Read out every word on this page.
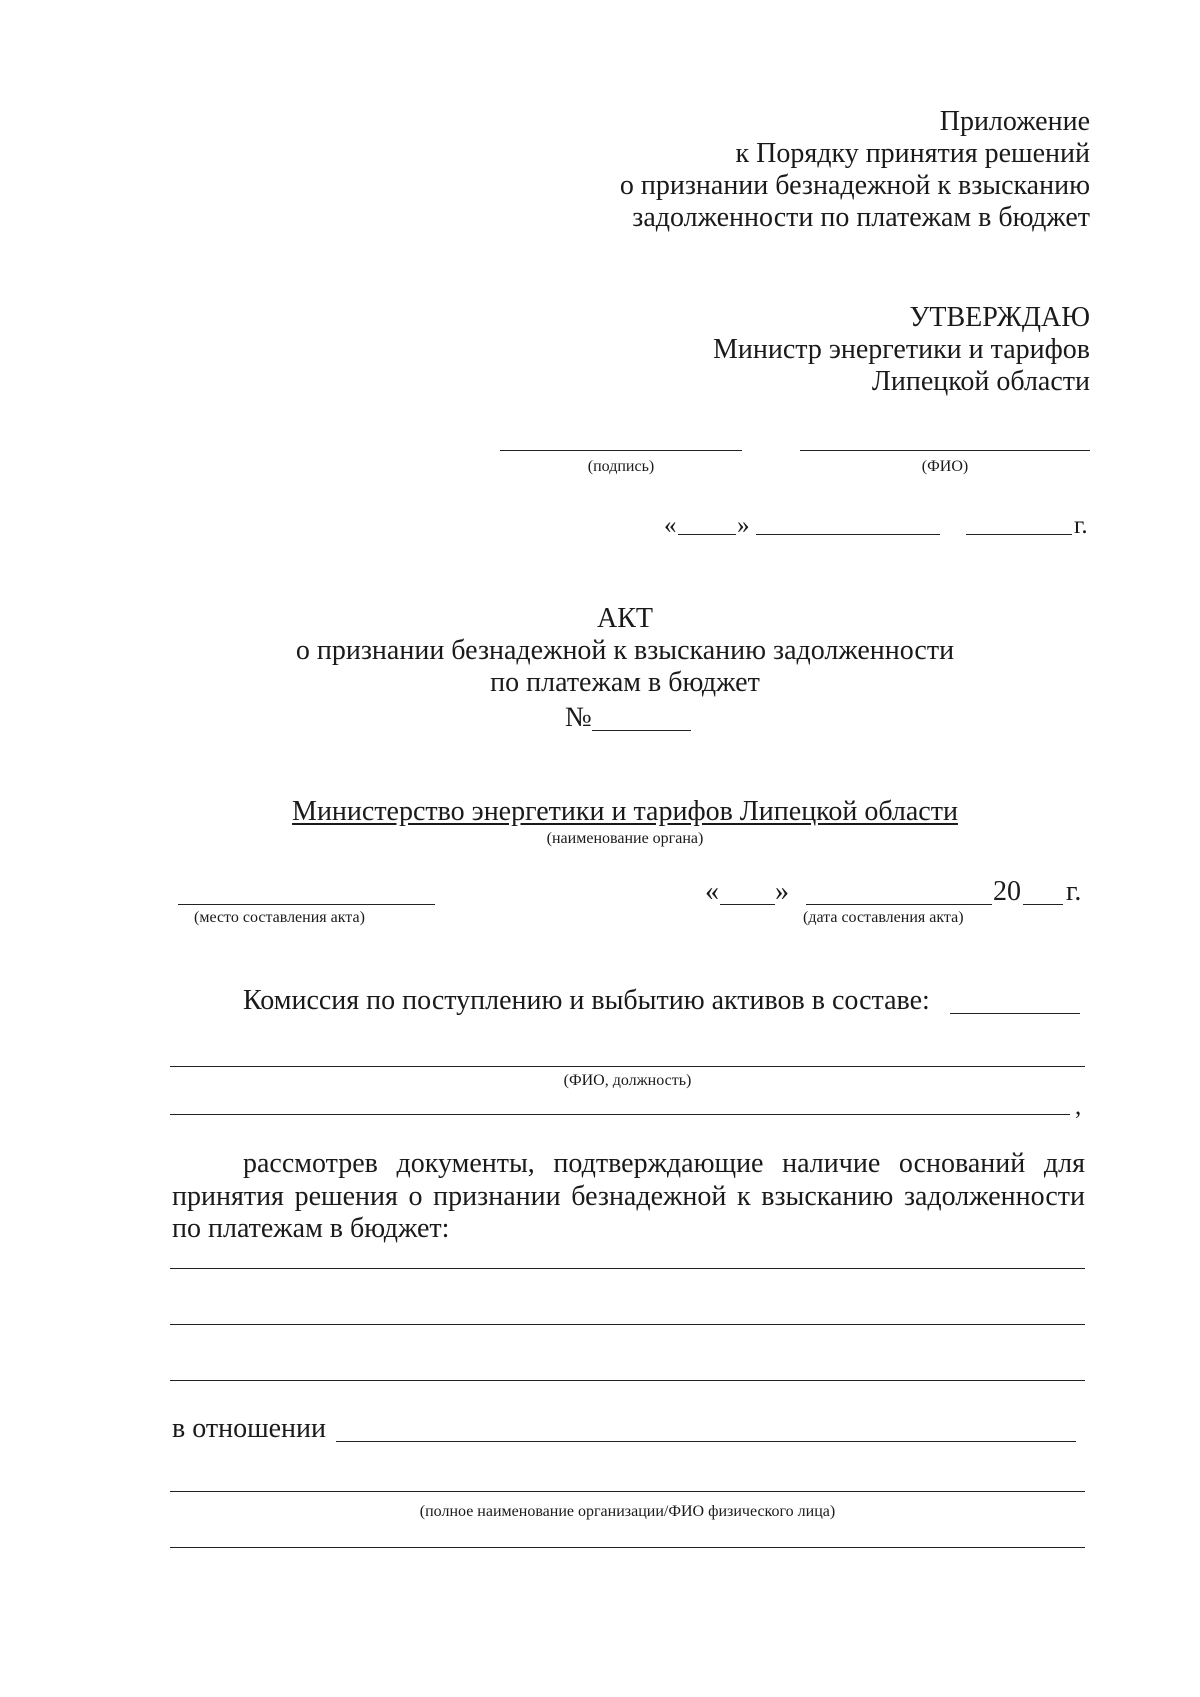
Приложение
к Порядку принятия решений
о признании безнадежной к взысканию
задолженности по платежам в бюджет
УТВЕРЖДАЮ
Министр энергетики и тарифов
Липецкой области
(подпись)	(ФИО)
« »	г.
АКТ
о признании безнадежной к взысканию задолженности
по платежам в бюджет
№
Министерство энергетики и тарифов Липецкой области
(наименование органа)
(место составления акта)
« »	20 г.
(дата составления акта)
Комиссия по поступлению и выбытию активов в составе:
(ФИО, должность)
,
рассмотрев документы, подтверждающие наличие оснований для
принятия решения о признании безнадежной к взысканию задолженности
по платежам в бюджет:
в отношении
(полное наименование организации/ФИО физического лица)
